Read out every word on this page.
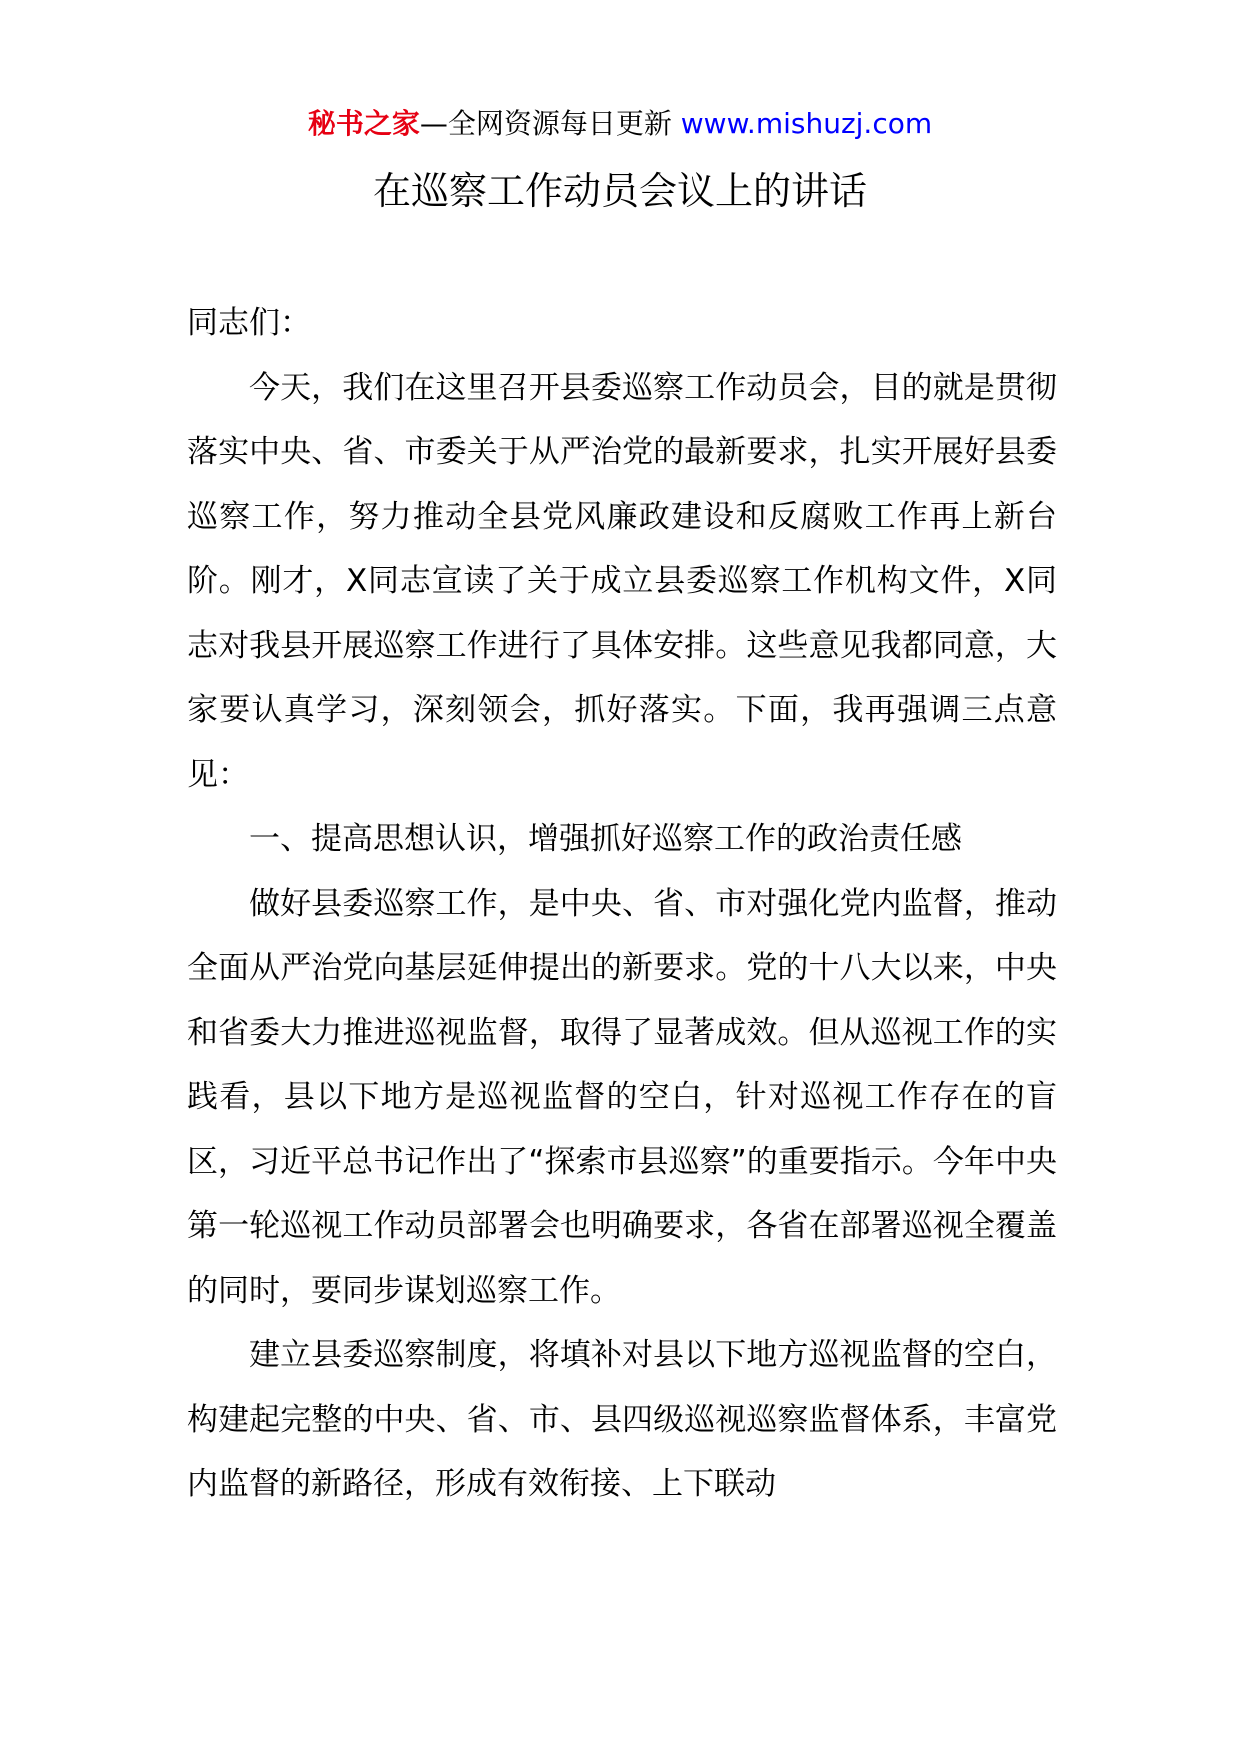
秘书之家—全网资源每日更新 www.mishuzj.com
在巡察工作动员会议上的讲话

同志们：

今天，我们在这里召开县委巡察工作动员会，目的就是贯彻落实中央、省、市委关于从严治党的最新要求，扎实开展好县委巡察工作，努力推动全县党风廉政建设和反腐败工作再上新台阶。刚才，X同志宣读了关于成立县委巡察工作机构文件，X同志对我县开展巡察工作进行了具体安排。这些意见我都同意，大家要认真学习，深刻领会，抓好落实。下面，我再强调三点意见：

一、提高思想认识，增强抓好巡察工作的政治责任感

做好县委巡察工作，是中央、省、市对强化党内监督，推动全面从严治党向基层延伸提出的新要求。党的十八大以来，中央和省委大力推进巡视监督，取得了显著成效。但从巡视工作的实践看，县以下地方是巡视监督的空白，针对巡视工作存在的盲区，习近平总书记作出了“探索市县巡察”的重要指示。今年中央第一轮巡视工作动员部署会也明确要求，各省在部署巡视全覆盖的同时，要同步谋划巡察工作。

建立县委巡察制度，将填补对县以下地方巡视监督的空白，构建起完整的中央、省、市、县四级巡视巡察监督体系，丰富党内监督的新路径，形成有效衔接、上下联动
